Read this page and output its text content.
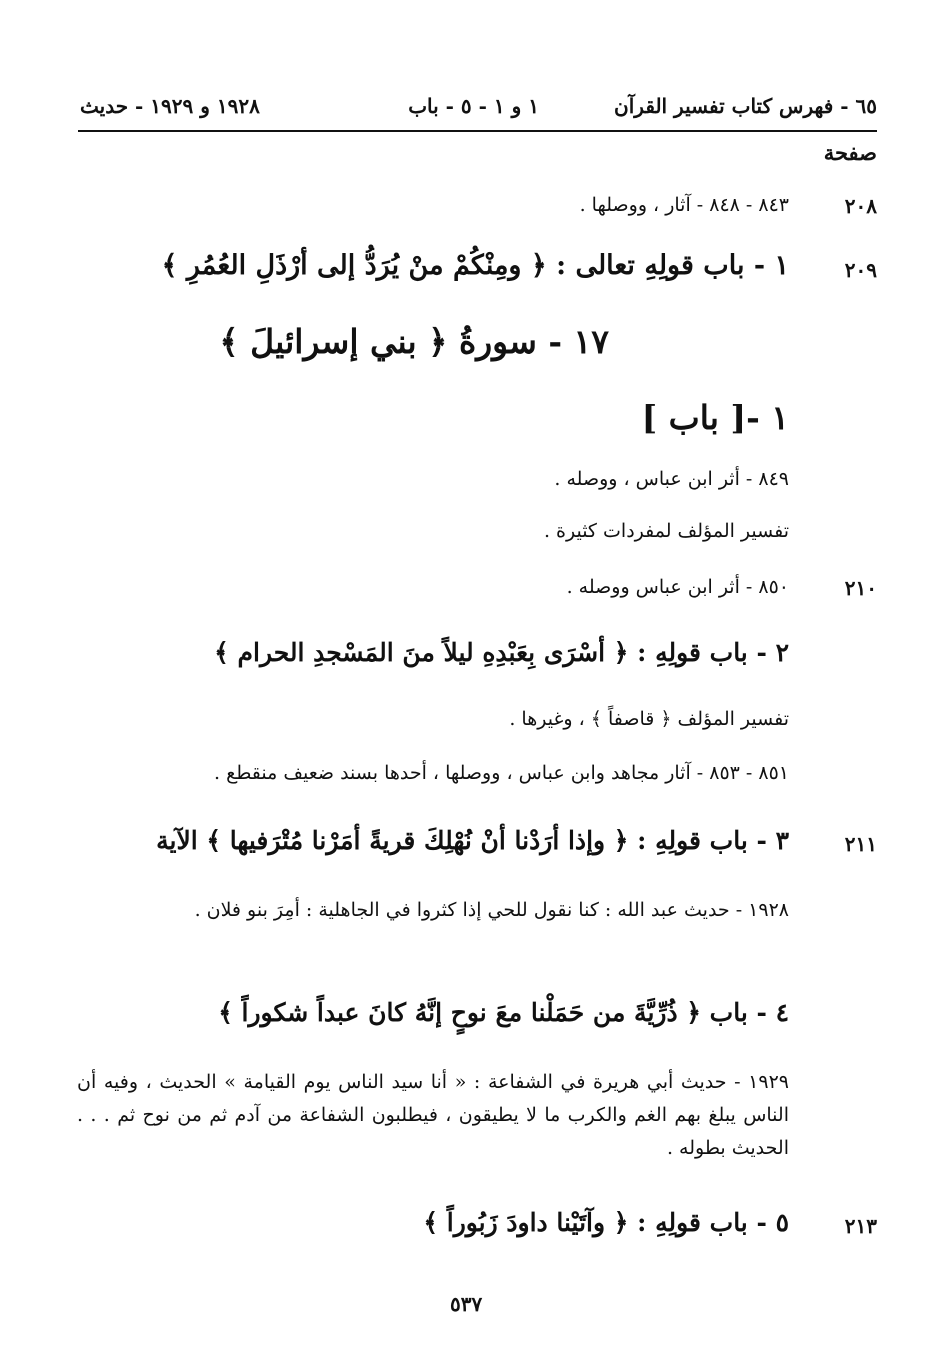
٦٥ - فهرس كتاب تفسير القرآن
١ و ١ - ٥ - باب
١٩٢٨ و ١٩٢٩ - حديث
صفحة
٢٠٨
٨٤٣ - ٨٤٨ - آثار ، ووصلها .
٢٠٩
١ - باب قولِهِ تعالى : ﴿ ومِنْكُمْ منْ يُرَدُّ إلى أرْذَلِ العُمُرِ ﴾
١٧ - سورةُ ﴿ بني إسرائيلَ ﴾
١ -[ باب ]
٨٤٩ - أثر ابن عباس ، ووصله .
تفسير المؤلف لمفردات كثيرة .
٢١٠
٨٥٠ - أثر ابن عباس ووصله .
٢ - باب قولِهِ : ﴿ أسْرَى بِعَبْدِهِ ليلاً منَ المَسْجدِ الحرام ﴾
تفسير المؤلف ﴿ قاصفاً ﴾ ، وغيرها .
٨٥١ - ٨٥٣ - آثار مجاهد وابن عباس ، ووصلها ، أحدها بسند ضعيف منقطع .
٢١١
٣ - باب قولِهِ : ﴿ وإذا أرَدْنا أنْ نُهْلِكَ قريةً أمَرْنا مُتْرَفيها ﴾ الآية
١٩٢٨ - حديث عبد الله : كنا نقول للحي إذا كثروا في الجاهلية : أمِرَ بنو فلان .
٤ - باب ﴿ ذُرِّيَّةَ من حَمَلْنا معَ نوحٍ إنَّهُ كانَ عبداً شكوراً ﴾
١٩٢٩ - حديث أبي هريرة في الشفاعة : « أنا سيد الناس يوم القيامة » الحديث ، وفيه أن الناس يبلغ بهم الغم والكرب ما لا يطيقون ، فيطلبون الشفاعة من آدم ثم من نوح ثم . . . الحديث بطوله .
٢١٣
٥ - باب قولِهِ : ﴿ وآتَيْنا داودَ زَبُوراً ﴾
٥٣٧
